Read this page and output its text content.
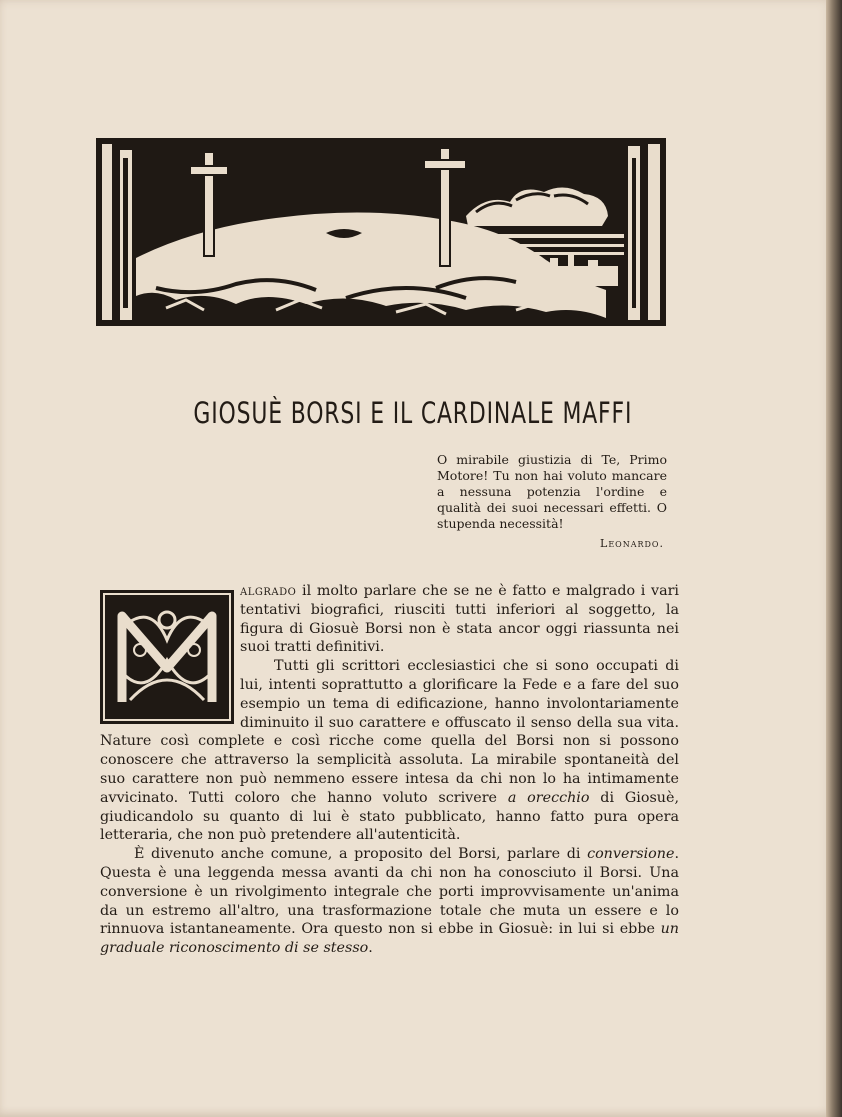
GIOSUÈ BORSI E IL CARDINALE MAFFI
O mirabile giustizia di Te, Primo Motore! Tu non hai voluto mancare a nessuna potenzia l'ordine e qualità dei suoi necessari effetti. O stupenda necessità!
Leonardo.

algrado il molto parlare che se ne è fatto e malgrado i vari tentativi biografici, riusciti tutti inferiori al soggetto, la figura di Giosuè Borsi non è stata ancor oggi riassunta nei suoi tratti definitivi.

Tutti gli scrittori ecclesiastici che si sono occupati di lui, intenti soprattutto a glorificare la Fede e a fare del suo esempio un tema di edificazione, hanno involontariamente diminuito il suo carattere e offuscato il senso della sua vita. Nature così complete e così ricche come quella del Borsi non si possono conoscere che attraverso la semplicità assoluta. La mirabile spontaneità del suo carattere non può nemmeno essere intesa da chi non lo ha intimamente avvicinato. Tutti coloro che hanno voluto scrivere a orecchio di Giosuè, giudicandolo su quanto di lui è stato pubblicato, hanno fatto pura opera letteraria, che non può pretendere all'autenticità.

È divenuto anche comune, a proposito del Borsi, parlare di conversione. Questa è una leggenda messa avanti da chi non ha conosciuto il Borsi. Una conversione è un rivolgimento integrale che porti improvvisamente un'anima da un estremo all'altro, una trasformazione totale che muta un essere e lo rinnuova istantaneamente. Ora questo non si ebbe in Giosuè: in lui si ebbe un graduale riconoscimento di se stesso.
